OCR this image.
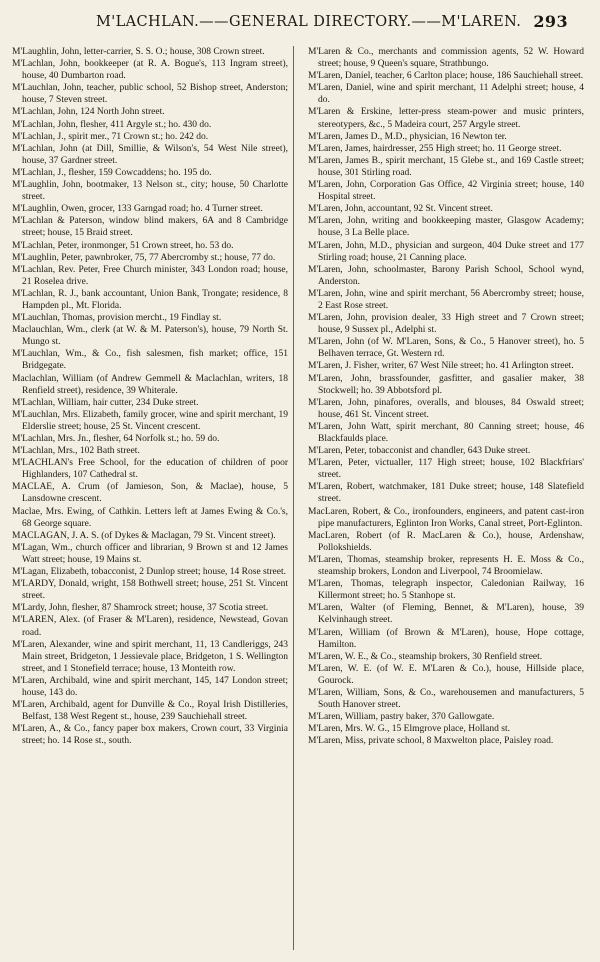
M'LACHLAN.——GENERAL DIRECTORY.——M'LAREN. 293

M'Laughlin, John, letter-carrier, S. S. O.; house, 308 Crown street.

M'Lachlan, John, bookkeeper (at R. A. Bogue's, 113 Ingram street), house, 40 Dumbarton road.

M'Lauchlan, John, teacher, public school, 52 Bishop street, Anderston; house, 7 Steven street.

M'Lachlan, John, 124 North John street.

M'Lachlan, John, flesher, 411 Argyle st.; ho. 430 do.

M'Lachlan, J., spirit mer., 71 Crown st.; ho. 242 do.

M'Lachlan, John (at Dill, Smillie, & Wilson's, 54 West Nile street), house, 37 Gardner street.

M'Lachlan, J., flesher, 159 Cowcaddens; ho. 195 do.

M'Laughlin, John, bootmaker, 13 Nelson st., city; house, 50 Charlotte street.

M'Laughlin, Owen, grocer, 133 Garngad road; ho. 4 Turner street.

M'Lachlan & Paterson, window blind makers, 6A and 8 Cambridge street; house, 15 Braid street.

M'Lachlan, Peter, ironmonger, 51 Crown street, ho. 53 do.

M'Laughlin, Peter, pawnbroker, 75, 77 Abercromby st.; house, 77 do.

M'Lachlan, Rev. Peter, Free Church minister, 343 London road; house, 21 Roselea drive.

M'Lachlan, R. J., bank accountant, Union Bank, Trongate; residence, 8 Hampden pl., Mt. Florida.

M'Lauchlan, Thomas, provision mercht., 19 Findlay st.

Maclauchlan, Wm., clerk (at W. & M. Paterson's), house, 79 North St. Mungo st.

M'Lauchlan, Wm., & Co., fish salesmen, fish market; office, 151 Bridgegate.

Maclachlan, William (of Andrew Gemmell & Maclachlan, writers, 18 Renfield street), residence, 39 Whiterale.

M'Lachlan, William, hair cutter, 234 Duke street.

M'Lauchlan, Mrs. Elizabeth, family grocer, wine and spirit merchant, 19 Elderslie street; house, 25 St. Vincent crescent.

M'Lachlan, Mrs. Jn., flesher, 64 Norfolk st.; ho. 59 do.

M'Lachlan, Mrs., 102 Bath street.

M'LACHLAN's Free School, for the education of children of poor Highlanders, 107 Cathedral st.

MACLAE, A. Crum (of Jamieson, Son, & Maclae), house, 5 Lansdowne crescent.

Maclae, Mrs. Ewing, of Cathkin. Letters left at James Ewing & Co.'s, 68 George square.

MACLAGAN, J. A. S. (of Dykes & Maclagan, 79 St. Vincent street).

M'Lagan, Wm., church officer and librarian, 9 Brown st and 12 James Watt street; house, 19 Mains st.

M'Lagan, Elizabeth, tobacconist, 2 Dunlop street; house, 14 Rose street.

M'LARDY, Donald, wright, 158 Bothwell street; house, 251 St. Vincent street.

M'Lardy, John, flesher, 87 Shamrock street; house, 37 Scotia street.

M'LAREN, Alex. (of Fraser & M'Laren), residence, Newstead, Govan road.

M'Laren, Alexander, wine and spirit merchant, 11, 13 Candleriggs, 243 Main street, Bridgeton, 1 Jessievale place, Bridgeton, 1 S. Wellington street, and 1 Stonefield terrace; house, 13 Monteith row.

M'Laren, Archibald, wine and spirit merchant, 145, 147 London street; house, 143 do.

M'Laren, Archibald, agent for Dunville & Co., Royal Irish Distilleries, Belfast, 138 West Regent st., house, 239 Sauchiehall street.

M'Laren, A., & Co., fancy paper box makers, Crown court, 33 Virginia street; ho. 14 Rose st., south.

M'Laren & Co., merchants and commission agents, 52 W. Howard street; house, 9 Queen's square, Strathbungo.

M'Laren, Daniel, teacher, 6 Carlton place; house, 186 Sauchiehall street.

M'Laren, Daniel, wine and spirit merchant, 11 Adelphi street; house, 4 do.

M'Laren & Erskine, letter-press steam-power and music printers, stereotypers, &c., 5 Madeira court, 257 Argyle street.

M'Laren, James D., M.D., physician, 16 Newton ter.

M'Laren, James, hairdresser, 255 High street; ho. 11 George street.

M'Laren, James B., spirit merchant, 15 Glebe st., and 169 Castle street; house, 301 Stirling road.

M'Laren, John, Corporation Gas Office, 42 Virginia street; house, 140 Hospital street.

M'Laren, John, accountant, 92 St. Vincent street.

M'Laren, John, writing and bookkeeping master, Glasgow Academy; house, 3 La Belle place.

M'Laren, John, M.D., physician and surgeon, 404 Duke street and 177 Stirling road; house, 21 Canning place.

M'Laren, John, schoolmaster, Barony Parish School, School wynd, Anderston.

M'Laren, John, wine and spirit merchant, 56 Abercromby street; house, 2 East Rose street.

M'Laren, John, provision dealer, 33 High street and 7 Crown street; house, 9 Sussex pl., Adelphi st.

M'Laren, John (of W. M'Laren, Sons, & Co., 5 Hanover street), ho. 5 Belhaven terrace, Gt. Western rd.

M'Laren, J. Fisher, writer, 67 West Nile street; ho. 41 Arlington street.

M'Laren, John, brassfounder, gasfitter, and gasalier maker, 38 Stockwell; ho. 39 Abbotsford pl.

M'Laren, John, pinafores, overalls, and blouses, 84 Oswald street; house, 461 St. Vincent street.

M'Laren, John Watt, spirit merchant, 80 Canning street; house, 46 Blackfaulds place.

M'Laren, Peter, tobacconist and chandler, 643 Duke street.

M'Laren, Peter, victualler, 117 High street; house, 102 Blackfriars' street.

M'Laren, Robert, watchmaker, 181 Duke street; house, 148 Slatefield street.

MacLaren, Robert, & Co., ironfounders, engineers, and patent cast-iron pipe manufacturers, Eglinton Iron Works, Canal street, Port-Eglinton.

MacLaren, Robert (of R. MacLaren & Co.), house, Ardenshaw, Pollokshields.

M'Laren, Thomas, steamship broker, represents H. E. Moss & Co., steamship brokers, London and Liverpool, 74 Broomielaw.

M'Laren, Thomas, telegraph inspector, Caledonian Railway, 16 Killermont street; ho. 5 Stanhope st.

M'Laren, Walter (of Fleming, Bennet, & M'Laren), house, 39 Kelvinhaugh street.

M'Laren, William (of Brown & M'Laren), house, Hope cottage, Hamilton.

M'Laren, W. E., & Co., steamship brokers, 30 Renfield street.

M'Laren, W. E. (of W. E. M'Laren & Co.), house, Hillside place, Gourock.

M'Laren, William, Sons, & Co., warehousemen and manufacturers, 5 South Hanover street.

M'Laren, William, pastry baker, 370 Gallowgate.

M'Laren, Mrs. W. G., 15 Elmgrove place, Holland st.

M'Laren, Miss, private school, 8 Maxwelton place, Paisley road.
